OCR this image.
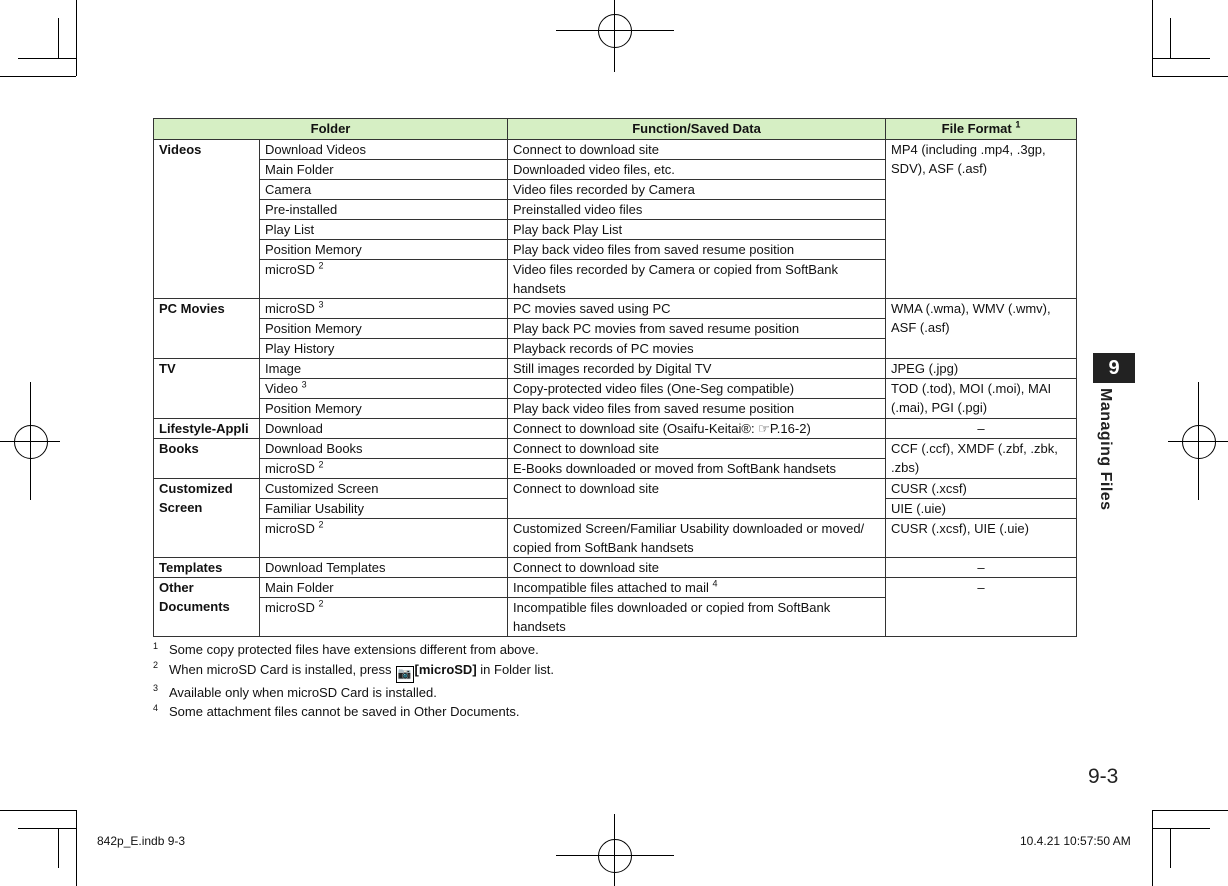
Folder		Function/Saved Data	File Format $^1$
Videos	Download Videos	Connect to download site	MP4 (including .mp4, .3gp, SDV), ASF (.asf)
	Main Folder	Downloaded video files, etc.	
	Camera	Video files recorded by Camera	
	Pre-installed	Preinstalled video files	
	Play List	Play back Play List	
	Position Memory	Play back video files from saved resume position	
	microSD $^2$	Video files recorded by Camera or copied from SoftBank handsets	
PC Movies	microSD $^3$	PC movies saved using PC	WMA (.wma), WMV (.wmv), ASF (.asf)
	Position Memory	Play back PC movies from saved resume position	
	Play History	Playback records of PC movies	
TV	Image	Still images recorded by Digital TV	JPEG (.jpg)
	Video $^3$	Copy-protected video files (One-Seg compatible)	TOD (.tod), MOI (.moi), MAI (.mai), PGI (.pgi)
	Position Memory	Play back video files from saved resume position	
Lifestyle-Appli	Download	Connect to download site (Osaifu-Keitai®: ☞P.16-2)	–
Books	Download Books	Connect to download site	CCF (.ccf), XMDF (.zbf, .zbk, .zbs)
	microSD $^2$	E-Books downloaded or moved from SoftBank handsets	
Customized Screen	Customized Screen	Connect to download site	CUSR (.xcsf)
	Familiar Usability		UIE (.uie)
	microSD $^2$	Customized Screen/Familiar Usability downloaded or moved/ copied from SoftBank handsets	CUSR (.xcsf), UIE (.uie)
Templates	Download Templates	Connect to download site	–
Other Documents	Main Folder	Incompatible files attached to mail $^4$	–
	microSD $^2$	Incompatible files downloaded or copied from SoftBank handsets	
1 Some copy protected files have extensions different from above.
2 When microSD Card is installed, press 📷 [microSD] in Folder list.
3 Available only when microSD Card is installed.
4 Some attachment files cannot be saved in Other Documents.
9
Managing Files
9-3
842p_E.indb 9-3	10.4.21 10:57:50 AM
